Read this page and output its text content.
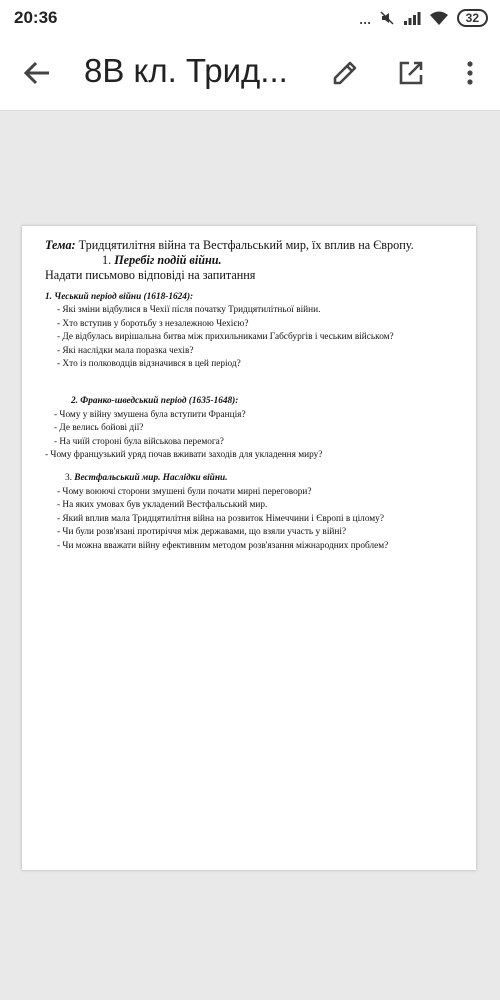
20:36	...	32
8В кл. Трид...
Тема: Тридцятилітня війна та Вестфальський мир, їх вплив на Європу.
1. Перебіг подій війни.
Надати письмово відповіді на запитання
1. Чеський період війни (1618-1624):
- Які зміни відбулися в Чехії після початку Тридцятилітньої війни.
- Хто вступив у боротьбу з незалежною Чехією?
- Де відбулась вирішальна битва між прихильниками Габсбургів і чеським військом?
- Які наслідки мала поразка чехів?
- Хто із полководців відзначився в цей період?
2. Франко-шведський період (1635-1648):
- Чому у війну змушена була вступити Франція?
- Де велись бойові дії?
- На чиїй стороні була військова перемога?
- Чому французький уряд почав вживати заходів для укладення миру?
3. Вестфальський мир. Наслідки війни.
- Чому воюючі сторони змушені були почати мирні переговори?
- На яких умовах був укладений Вестфальський мир.
- Який вплив мала Тридцятилітня війна на розвиток Німеччини і Європі в цілому?
- Чи були розв'язані протиріччя між державами, що взяли участь у війні?
- Чи можна вважати війну ефективним методом розв'язання міжнародних проблем?
